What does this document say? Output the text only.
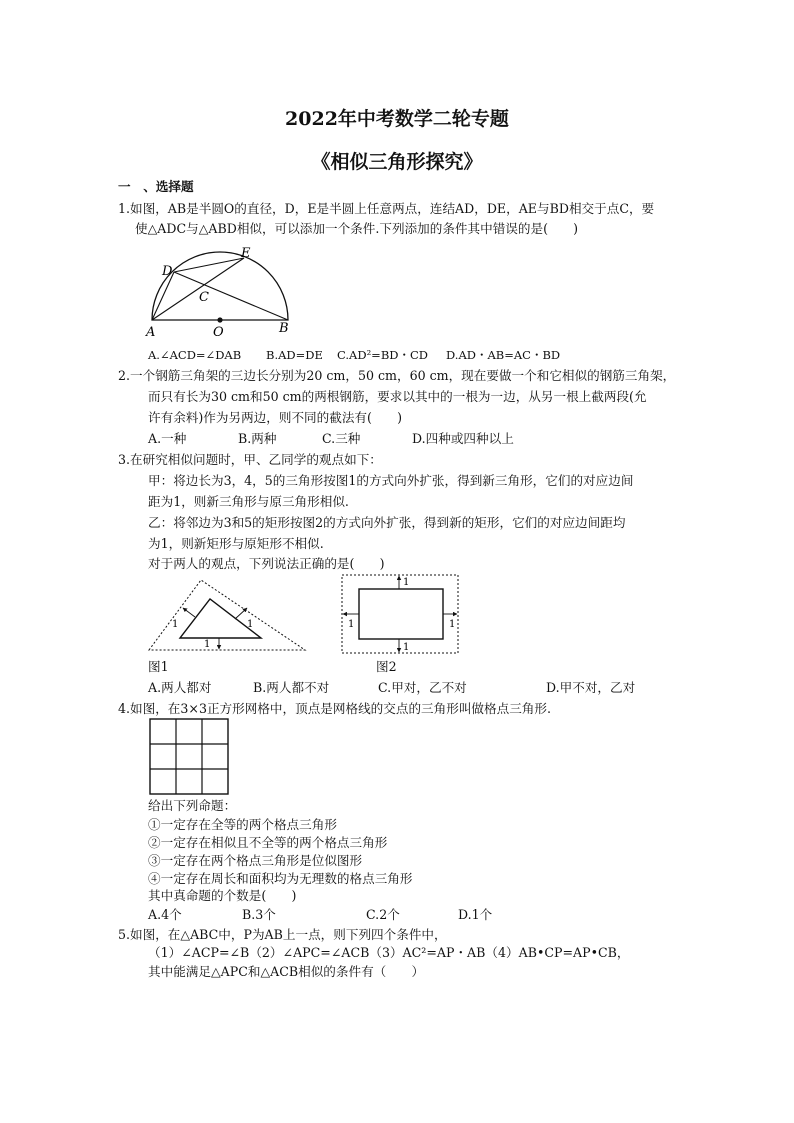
2022年中考数学二轮专题
《相似三角形探究》
一　、选择题
1.如图，AB是半圆O的直径，D，E是半圆上任意两点，连结AD，DE，AE与BD相交于点C，要
使△ADC与△ABD相似，可以添加一个条件.下列添加的条件其中错误的是(　　)
D
E
C
A	O	B
A.∠ACD=∠DAB B.AD=DE C.AD²=BD・CD D.AD・AB=AC・BD
2.一个钢筋三角架的三边长分别为20 cm，50 cm，60 cm，现在要做一个和它相似的钢筋三角架，
而只有长为30 cm和50 cm的两根钢筋，要求以其中的一根为一边，从另一根上截两段(允
许有余料)作为另两边，则不同的截法有(　　)
A.一种	B.两种	C.三种	D.四种或四种以上
3.在研究相似问题时，甲、乙同学的观点如下：
甲：将边长为3，4，5的三角形按图1的方式向外扩张，得到新三角形，它们的对应边间
距为1，则新三角形与原三角形相似.
乙：将邻边为3和5的矩形按图2的方式向外扩张，得到新的矩形，它们的对应边间距均
为1，则新矩形与原矩形不相似.
对于两人的观点，下列说法正确的是(　　)
1	1
1
1
1
1	1
图1	图2
A.两人都对	B.两人都不对	C.甲对，乙不对	D.甲不对，乙对
4.如图，在3×3正方形网格中，顶点是网格线的交点的三角形叫做格点三角形.
给出下列命题：
①一定存在全等的两个格点三角形
②一定存在相似且不全等的两个格点三角形
③一定存在两个格点三角形是位似图形
④一定存在周长和面积均为无理数的格点三角形
其中真命题的个数是(　　)
A.4个	B.3个	C.2个	D.1个
5.如图，在△ABC中，P为AB上一点，则下列四个条件中，
（1）∠ACP=∠B（2）∠APC=∠ACB（3）AC²=AP・AB（4）AB•CP=AP•CB，
其中能满足△APC和△ACB相似的条件有（　　）
